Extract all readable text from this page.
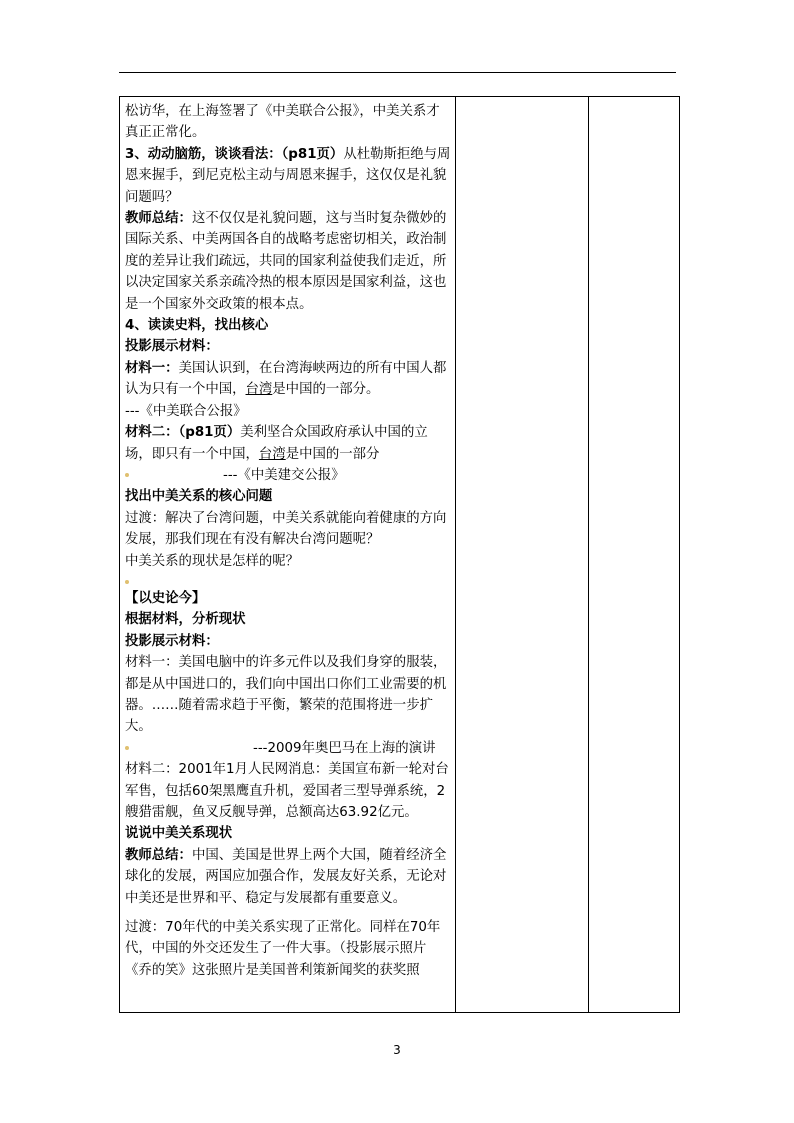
松访华，在上海签署了《中美联合公报》，中美关系才真正正常化。

3、动动脑筋，谈谈看法：（p81页）从杜勒斯拒绝与周恩来握手，到尼克松主动与周恩来握手，这仅仅是礼貌问题吗？

教师总结：这不仅仅是礼貌问题，这与当时复杂微妙的国际关系、中美两国各自的战略考虑密切相关，政治制度的差异让我们疏远，共同的国家利益使我们走近，所以决定国家关系亲疏冷热的根本原因是国家利益，这也是一个国家外交政策的根本点。

4、读读史料，找出核心

投影展示材料：

材料一：美国认识到，在台湾海峡两边的所有中国人都认为只有一个中国，台湾是中国的一部分。

---《中美联合公报》

材料二：（p81页）美利坚合众国政府承认中国的立场，即只有一个中国，台湾是中国的一部分

---《中美建交公报》

找出中美关系的核心问题

过渡：解决了台湾问题，中美关系就能向着健康的方向发展，那我们现在有没有解决台湾问题呢？

中美关系的现状是怎样的呢？

【以史论今】

根据材料，分析现状

投影展示材料：

材料一：美国电脑中的许多元件以及我们身穿的服装，都是从中国进口的，我们向中国出口你们工业需要的机器。……随着需求趋于平衡，繁荣的范围将进一步扩大。

---2009年奥巴马在上海的演讲

材料二：2001年1月人民网消息：美国宣布新一轮对台军售，包括60架黑鹰直升机，爱国者三型导弹系统，2艘猎雷舰，鱼叉反舰导弹，总额高达63.92亿元。

说说中美关系现状

教师总结：中国、美国是世界上两个大国，随着经济全球化的发展，两国应加强合作，发展友好关系，无论对中美还是世界和平、稳定与发展都有重要意义。

过渡：70年代的中美关系实现了正常化。同样在70年代，中国的外交还发生了一件大事。（投影展示照片《乔的笑》这张照片是美国普利策新闻奖的获奖照

3
